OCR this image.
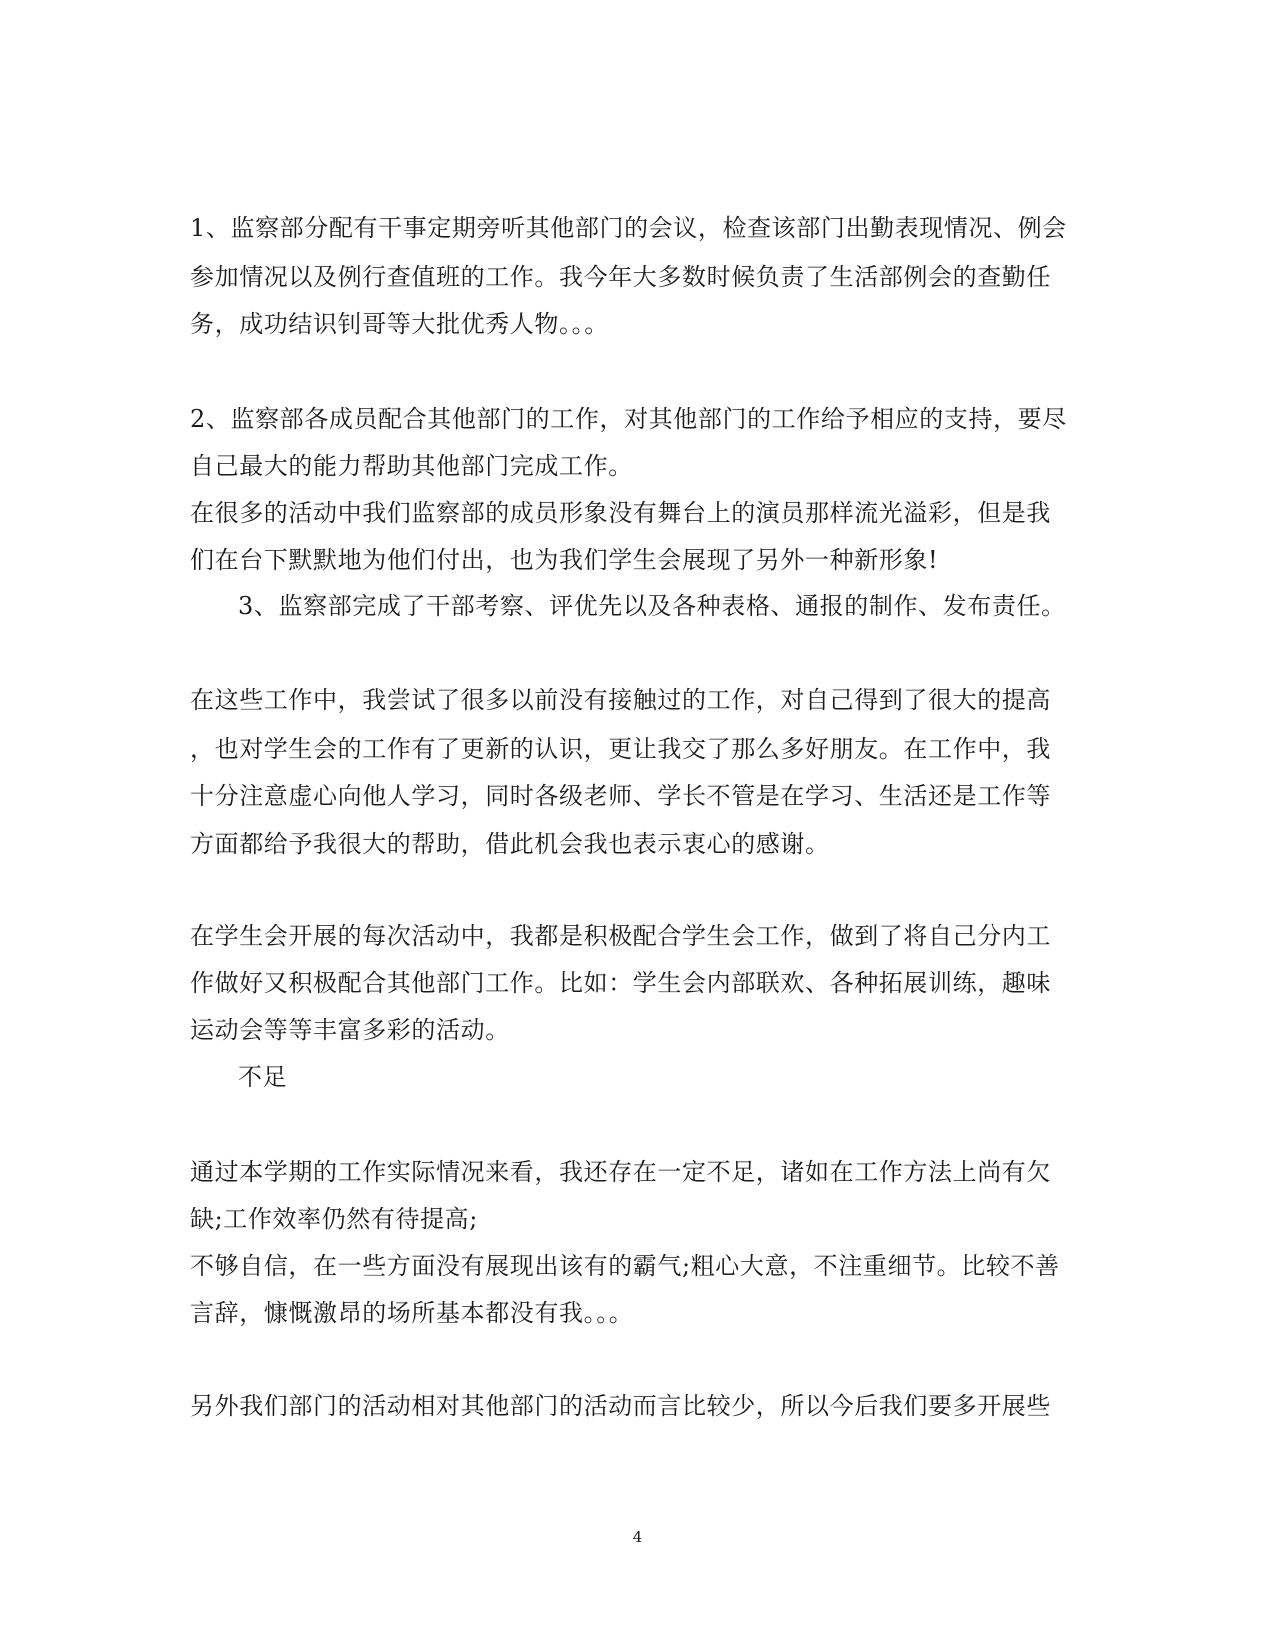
1、监察部分配有干事定期旁听其他部门的会议，检查该部门出勤表现情况、例会
参加情况以及例行查值班的工作。我今年大多数时候负责了生活部例会的查勤任
务，成功结识钊哥等大批优秀人物。。。
2、监察部各成员配合其他部门的工作，对其他部门的工作给予相应的支持，要尽
自己最大的能力帮助其他部门完成工作。
在很多的活动中我们监察部的成员形象没有舞台上的演员那样流光溢彩，但是我
们在台下默默地为他们付出，也为我们学生会展现了另外一种新形象!
3、监察部完成了干部考察、评优先以及各种表格、通报的制作、发布责任。
在这些工作中，我尝试了很多以前没有接触过的工作，对自己得到了很大的提高
，也对学生会的工作有了更新的认识，更让我交了那么多好朋友。在工作中，我
十分注意虚心向他人学习，同时各级老师、学长不管是在学习、生活还是工作等
方面都给予我很大的帮助，借此机会我也表示衷心的感谢。
在学生会开展的每次活动中，我都是积极配合学生会工作，做到了将自己分内工
作做好又积极配合其他部门工作。比如：学生会内部联欢、各种拓展训练，趣味
运动会等等丰富多彩的活动。
不足
通过本学期的工作实际情况来看，我还存在一定不足，诸如在工作方法上尚有欠
缺;工作效率仍然有待提高;
不够自信，在一些方面没有展现出该有的霸气;粗心大意，不注重细节。比较不善
言辞，慷慨激昂的场所基本都没有我。。。
另外我们部门的活动相对其他部门的活动而言比较少，所以今后我们要多开展些
4
